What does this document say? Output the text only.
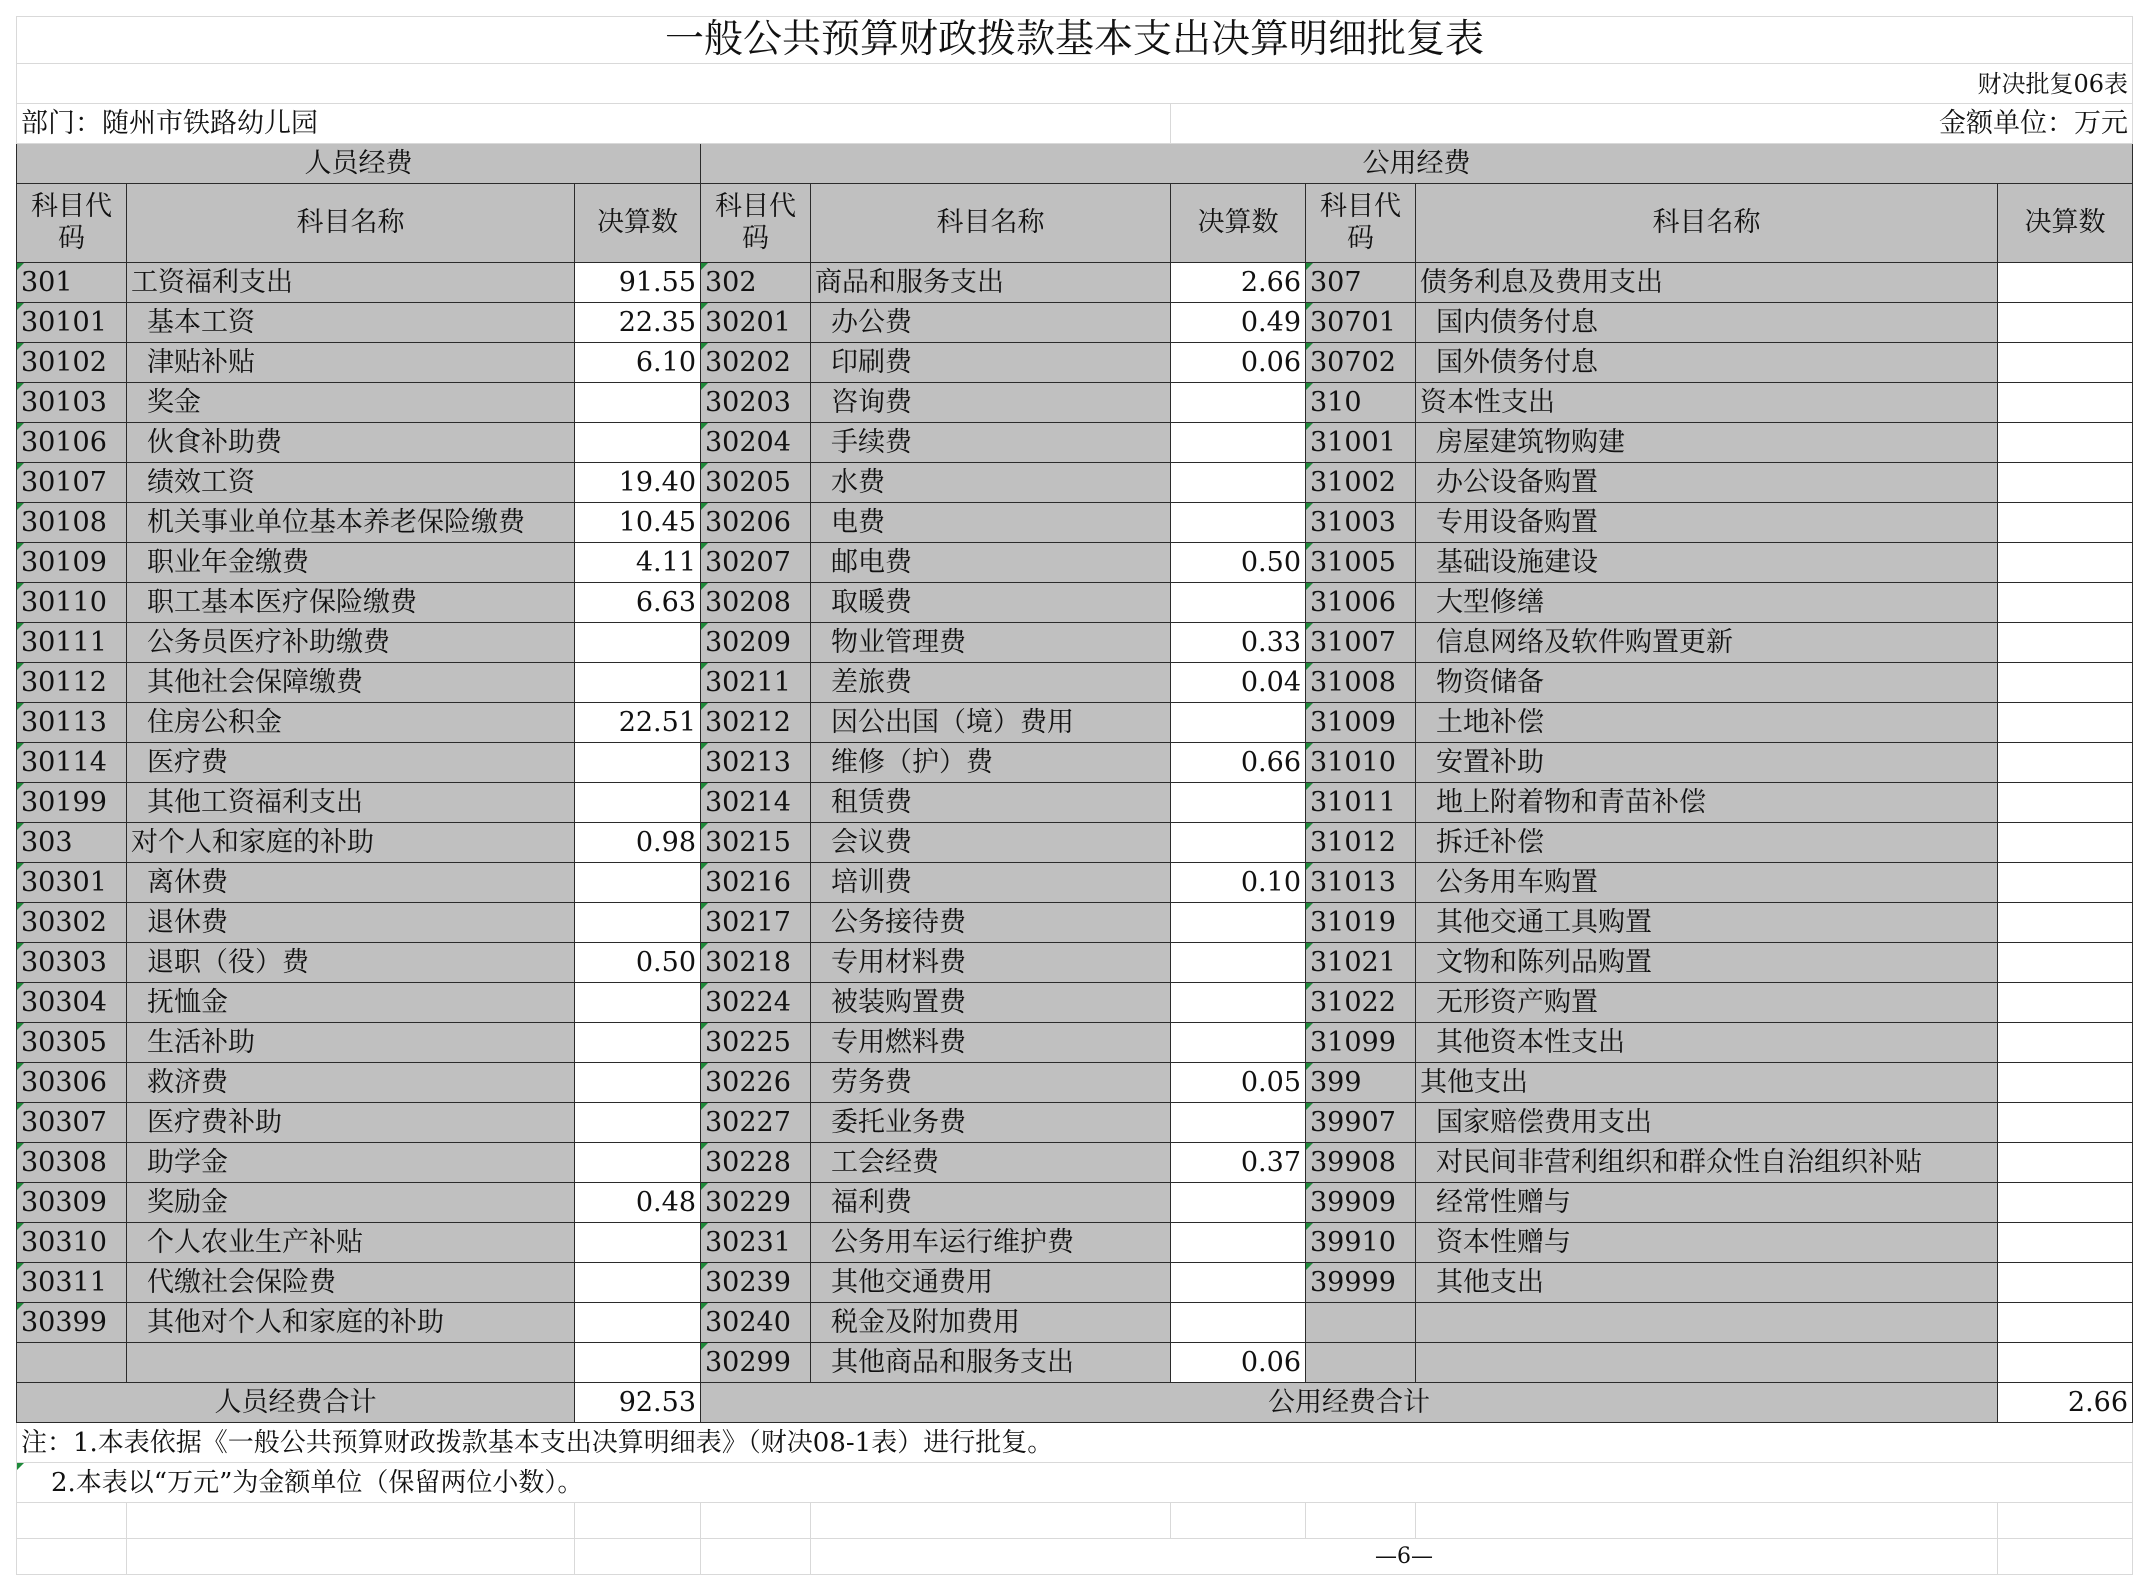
一般公共预算财政拨款基本支出决算明细批复表								
财决批复06表								
部门：随州市铁路幼儿园					金额单位：万元			
人员经费			公用经费					
科目代码	科目名称	决算数	科目代码	科目名称	决算数	科目代码	科目名称	决算数
301	工资福利支出	91.55	302	商品和服务支出	2.66	307	债务利息及费用支出	
30101	基本工资	22.35	30201	办公费	0.49	30701	国内债务付息	
30102	津贴补贴	6.10	30202	印刷费	0.06	30702	国外债务付息	
30103	奖金		30203	咨询费		310	资本性支出	
30106	伙食补助费		30204	手续费		31001	房屋建筑物购建	
30107	绩效工资	19.40	30205	水费		31002	办公设备购置	
30108	机关事业单位基本养老保险缴费	10.45	30206	电费		31003	专用设备购置	
30109	职业年金缴费	4.11	30207	邮电费	0.50	31005	基础设施建设	
30110	职工基本医疗保险缴费	6.63	30208	取暖费		31006	大型修缮	
30111	公务员医疗补助缴费		30209	物业管理费	0.33	31007	信息网络及软件购置更新	
30112	其他社会保障缴费		30211	差旅费	0.04	31008	物资储备	
30113	住房公积金	22.51	30212	因公出国（境）费用		31009	土地补偿	
30114	医疗费		30213	维修（护）费	0.66	31010	安置补助	
30199	其他工资福利支出		30214	租赁费		31011	地上附着物和青苗补偿	
303	对个人和家庭的补助	0.98	30215	会议费		31012	拆迁补偿	
30301	离休费		30216	培训费	0.10	31013	公务用车购置	
30302	退休费		30217	公务接待费		31019	其他交通工具购置	
30303	退职（役）费	0.50	30218	专用材料费		31021	文物和陈列品购置	
30304	抚恤金		30224	被装购置费		31022	无形资产购置	
30305	生活补助		30225	专用燃料费		31099	其他资本性支出	
30306	救济费		30226	劳务费	0.05	399	其他支出	
30307	医疗费补助		30227	委托业务费		39907	国家赔偿费用支出	
30308	助学金		30228	工会经费	0.37	39908	对民间非营利组织和群众性自治组织补贴	
30309	奖励金	0.48	30229	福利费		39909	经常性赠与	
30310	个人农业生产补贴		30231	公务用车运行维护费		39910	资本性赠与	
30311	代缴社会保险费		30239	其他交通费用		39999	其他支出	
30399	其他对个人和家庭的补助		30240	税金及附加费用				
			30299	其他商品和服务支出	0.06			
人员经费合计		92.53	公用经费合计					2.66
注：1.本表依据《一般公共预算财政拨款基本支出决算明细表》（财决08-1表）进行批复。								
2.本表以“万元”为金额单位（保留两位小数）。								

				—6—				
